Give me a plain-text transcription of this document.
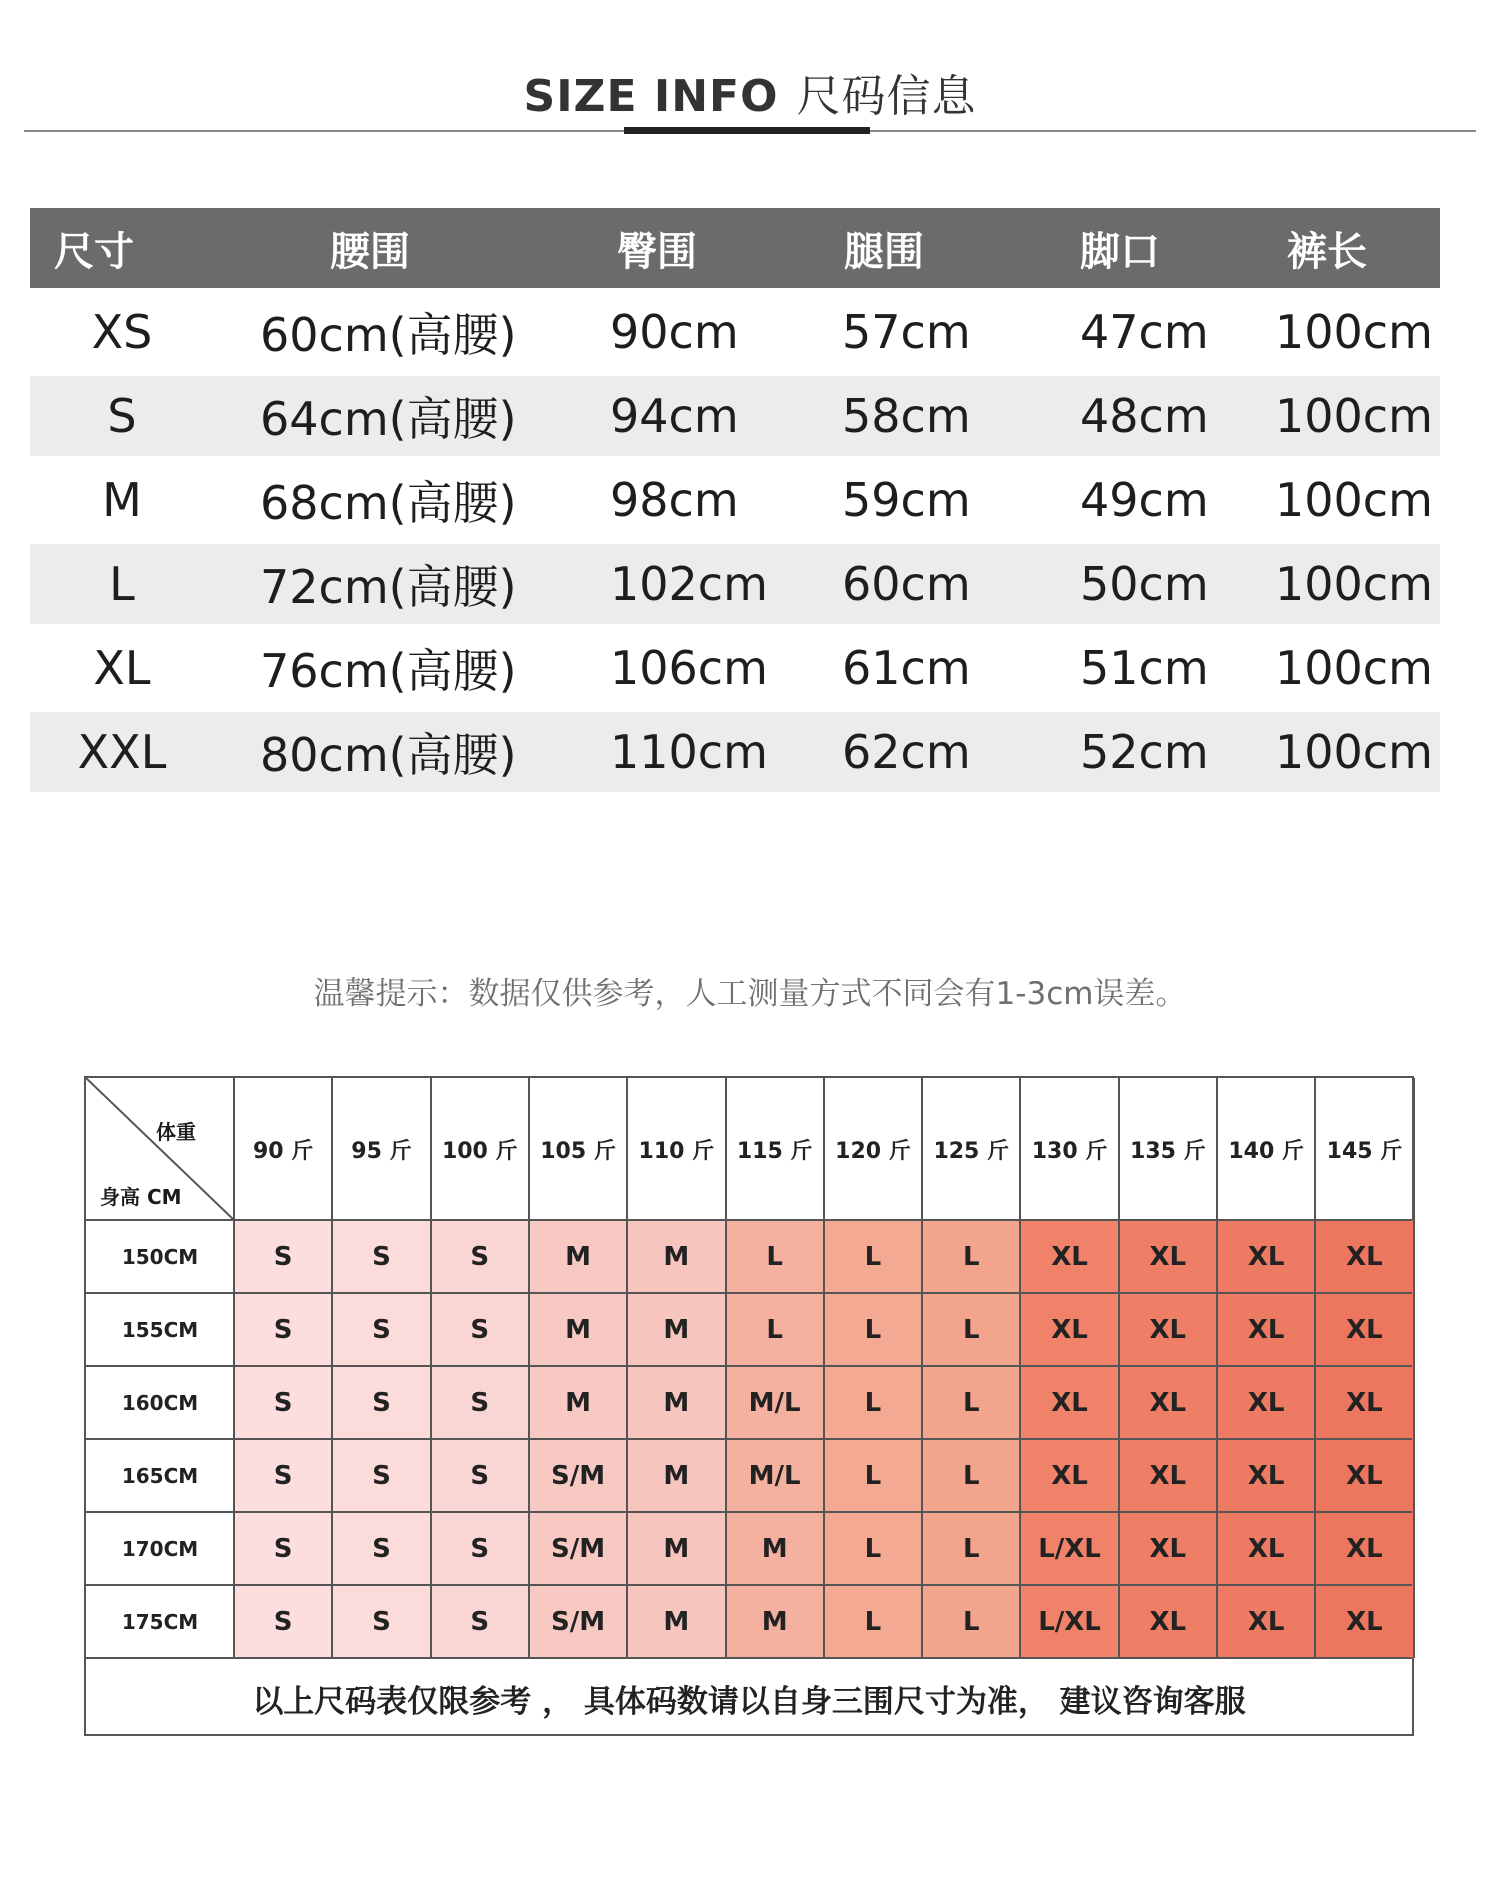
SIZE INFO 尺码信息
尺寸	腰围	臀围	腿围	脚口	裤长
XS	60cm(高腰)	90cm	57cm	47cm	100cm
S	64cm(高腰)	94cm	58cm	48cm	100cm
M	68cm(高腰)	98cm	59cm	49cm	100cm
L	72cm(高腰)	102cm	60cm	50cm	100cm
XL	76cm(高腰)	106cm	61cm	51cm	100cm
XXL	80cm(高腰)	110cm	62cm	52cm	100cm
温馨提示：数据仅供参考，人工测量方式不同会有1-3cm误差。
体重
身高 CM
150CM	S	S	S	M	M	L	L	L	XL	XL	XL	XL
155CM	S	S	S	M	M	L	L	L	XL	XL	XL	XL
160CM	S	S	S	M	M	M/L	L	L	XL	XL	XL	XL
165CM	S	S	S	S/M	M	M/L	L	L	XL	XL	XL	XL
170CM	S	S	S	S/M	M	M	L	L	L/XL	XL	XL	XL
175CM	S	S	S	S/M	M	M	L	L	L/XL	XL	XL	XL
90 斤	95 斤	100 斤	105 斤	110 斤	115 斤	120 斤	125 斤	130 斤	135 斤	140 斤	145 斤
以上尺码表仅限参考 ， 具体码数请以自身三围尺寸为准， 建议咨询客服
